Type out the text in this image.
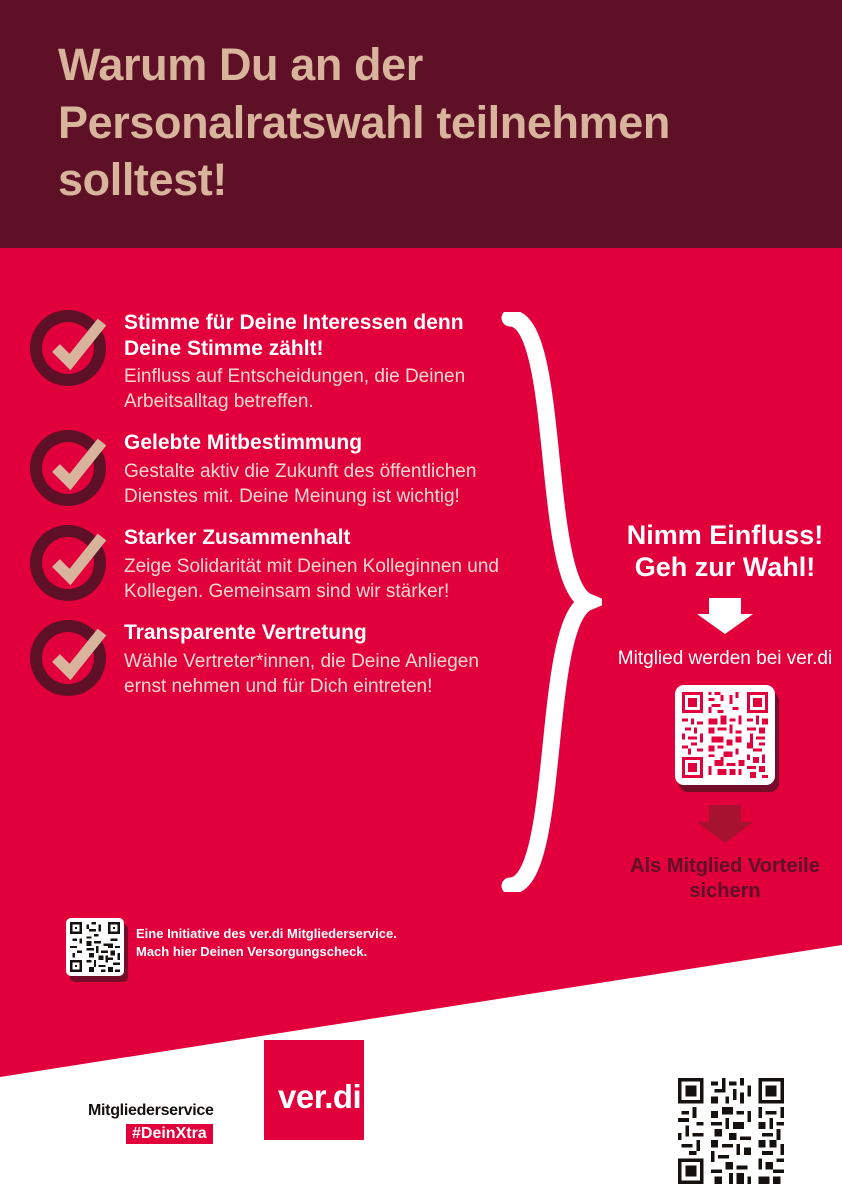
Warum Du an der Personalratswahl teilnehmen solltest!

Stimme für Deine Interessen denn Deine Stimme zählt!

Einfluss auf Entscheidungen, die Deinen Arbeitsalltag betreffen.

Gelebte Mitbestimmung

Gestalte aktiv die Zukunft des öffentlichen Dienstes mit. Deine Meinung ist wichtig!

Starker Zusammenhalt

Zeige Solidarität mit Deinen Kolleginnen und Kollegen. Gemeinsam sind wir stärker!

Transparente Vertretung

Wähle Vertreter*innen, die Deine Anliegen ernst nehmen und für Dich eintreten!

Nimm Einfluss! Geh zur Wahl!

Mitglied werden bei ver.di

Als Mitglied Vorteile sichern

Eine Initiative des ver.di Mitgliederservice.
Mach hier Deinen Versorgungscheck.
ver.di
Mitgliederservice
#DeinXtra
